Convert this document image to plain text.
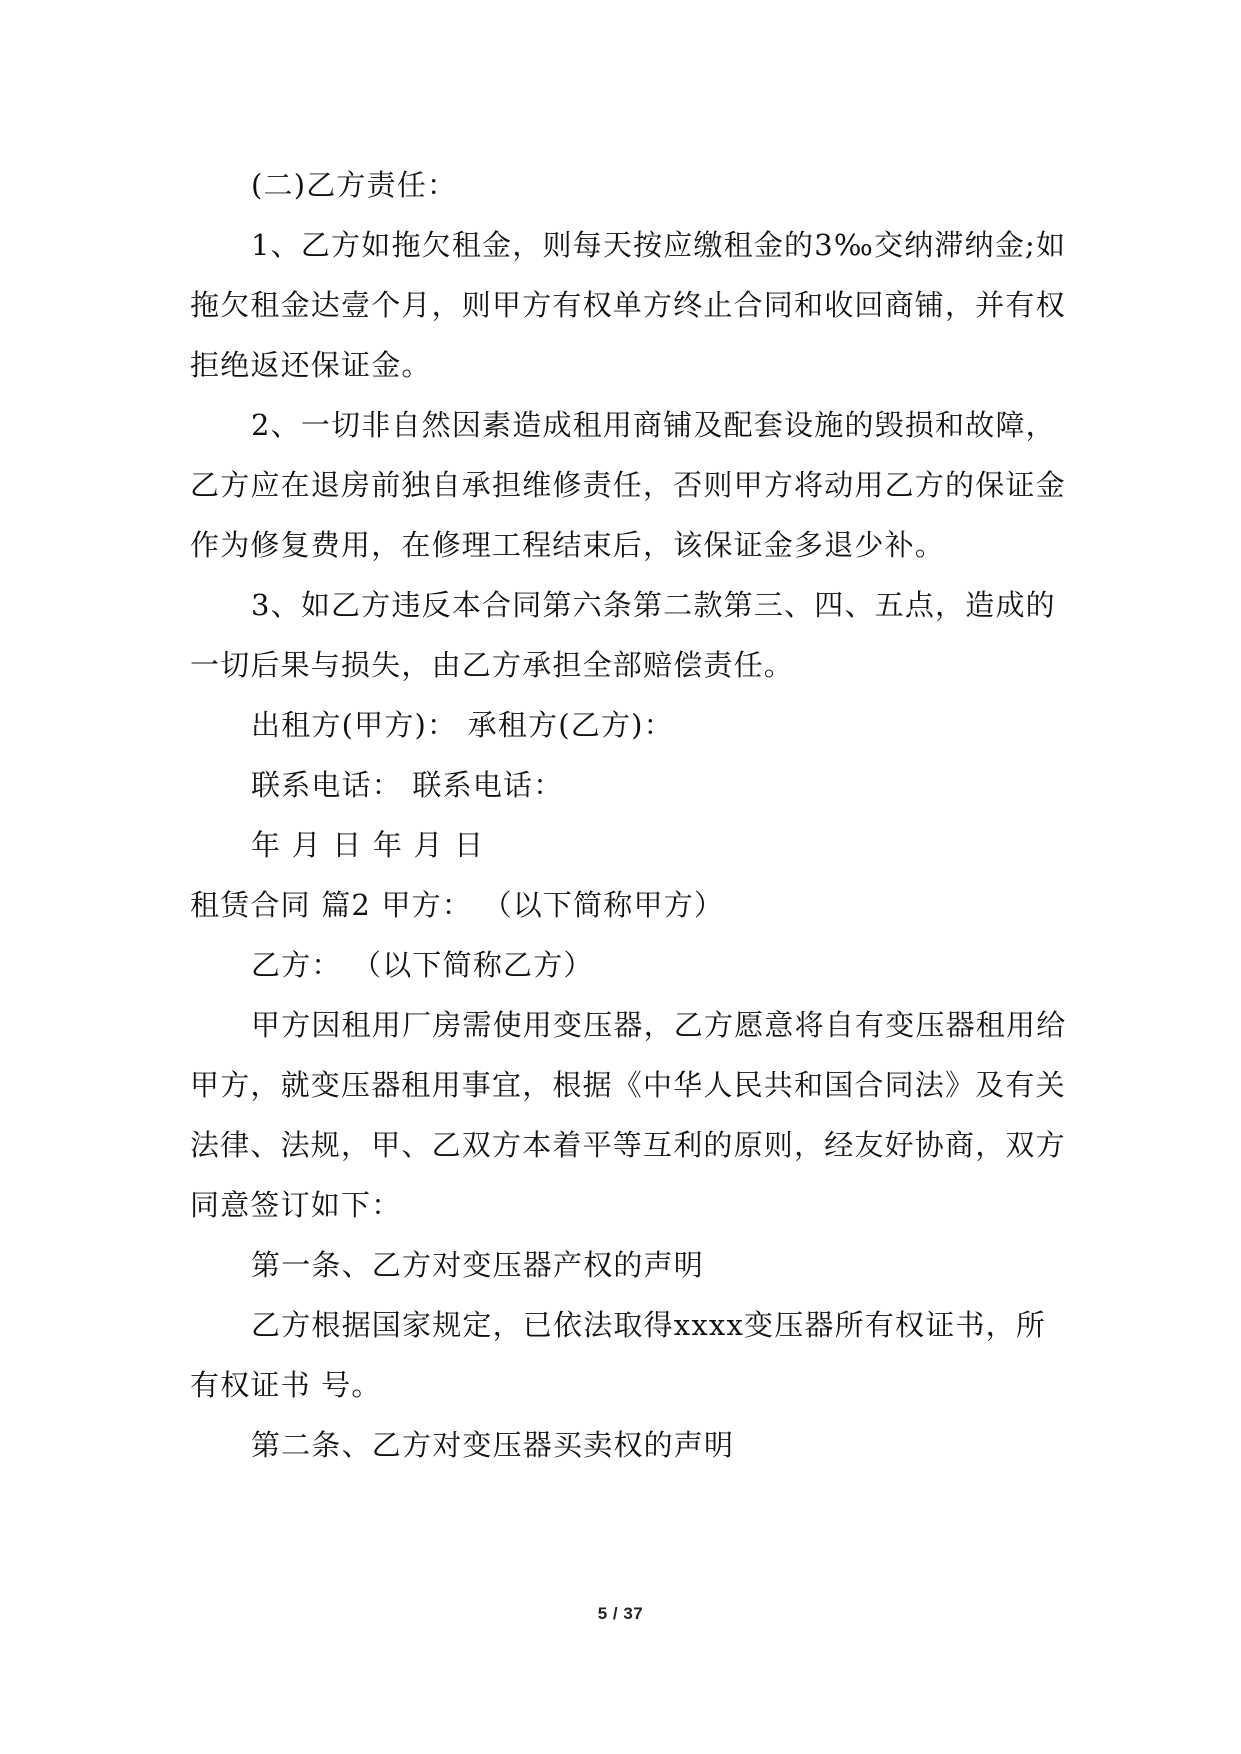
(二)乙方责任：

1、乙方如拖欠租金，则每天按应缴租金的3‰交纳滞纳金;如拖欠租金达壹个月，则甲方有权单方终止合同和收回商铺，并有权拒绝返还保证金。

2、一切非自然因素造成租用商铺及配套设施的毁损和故障，乙方应在退房前独自承担维修责任，否则甲方将动用乙方的保证金作为修复费用，在修理工程结束后，该保证金多退少补。

3、如乙方违反本合同第六条第二款第三、四、五点，造成的一切后果与损失，由乙方承担全部赔偿责任。

出租方(甲方)： 承租方(乙方)：

联系电话： 联系电话：

年 月 日 年 月 日

租赁合同 篇2 甲方： （以下简称甲方）

乙方： （以下简称乙方）

甲方因租用厂房需使用变压器，乙方愿意将自有变压器租用给甲方，就变压器租用事宜，根据《中华人民共和国合同法》及有关法律、法规，甲、乙双方本着平等互利的原则，经友好协商，双方同意签订如下：

第一条、乙方对变压器产权的声明

乙方根据国家规定，已依法取得xxxx变压器所有权证书，所有权证书 号。

第二条、乙方对变压器买卖权的声明

5 / 37
